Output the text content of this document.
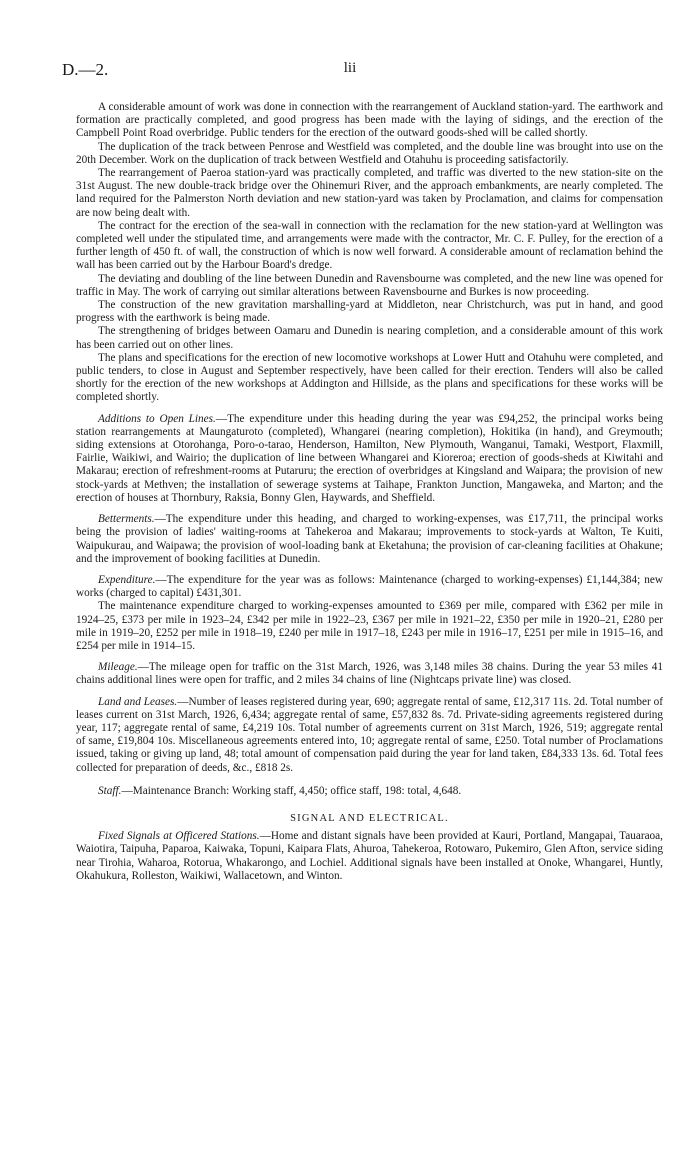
D.—2.	lii

A considerable amount of work was done in connection with the rearrangement of Auckland station-yard. The earthwork and formation are practically completed, and good progress has been made with the laying of sidings, and the erection of the Campbell Point Road overbridge. Public tenders for the erection of the outward goods-shed will be called shortly.

The duplication of the track between Penrose and Westfield was completed, and the double line was brought into use on the 20th December. Work on the duplication of track between Westfield and Otahuhu is proceeding satisfactorily.

The rearrangement of Paeroa station-yard was practically completed, and traffic was diverted to the new station-site on the 31st August. The new double-track bridge over the Ohinemuri River, and the approach embankments, are nearly completed. The land required for the Palmerston North deviation and new station-yard was taken by Proclamation, and claims for compensation are now being dealt with.

The contract for the erection of the sea-wall in connection with the reclamation for the new station-yard at Wellington was completed well under the stipulated time, and arrangements were made with the contractor, Mr. C. F. Pulley, for the erection of a further length of 450 ft. of wall, the construction of which is now well forward. A considerable amount of reclamation behind the wall has been carried out by the Harbour Board's dredge.

The deviating and doubling of the line between Dunedin and Ravensbourne was completed, and the new line was opened for traffic in May. The work of carrying out similar alterations between Ravensbourne and Burkes is now proceeding.

The construction of the new gravitation marshalling-yard at Middleton, near Christchurch, was put in hand, and good progress with the earthwork is being made.

The strengthening of bridges between Oamaru and Dunedin is nearing completion, and a considerable amount of this work has been carried out on other lines.

The plans and specifications for the erection of new locomotive workshops at Lower Hutt and Otahuhu were completed, and public tenders, to close in August and September respectively, have been called for their erection. Tenders will also be called shortly for the erection of the new workshops at Addington and Hillside, as the plans and specifications for these works will be completed shortly.

Additions to Open Lines.—The expenditure under this heading during the year was £94,252, the principal works being station rearrangements at Maungaturoto (completed), Whangarei (nearing completion), Hokitika (in hand), and Greymouth; siding extensions at Otorohanga, Poro-o-tarao, Henderson, Hamilton, New Plymouth, Wanganui, Tamaki, Westport, Flaxmill, Fairlie, Waikiwi, and Wairio; the duplication of line between Whangarei and Kioreroa; erection of goods-sheds at Kiwitahi and Makarau; erection of refreshment-rooms at Putaruru; the erection of overbridges at Kingsland and Waipara; the provision of new stock-yards at Methven; the installation of sewerage systems at Taihape, Frankton Junction, Mangaweka, and Marton; and the erection of houses at Thornbury, Raksia, Bonny Glen, Haywards, and Sheffield.

Betterments.—The expenditure under this heading, and charged to working-expenses, was £17,711, the principal works being the provision of ladies' waiting-rooms at Tahekeroa and Makarau; improvements to stock-yards at Walton, Te Kuiti, Waipukurau, and Waipawa; the provision of wool-loading bank at Eketahuna; the provision of car-cleaning facilities at Ohakune; and the improvement of booking facilities at Dunedin.

Expenditure.—The expenditure for the year was as follows: Maintenance (charged to working-expenses) £1,144,384; new works (charged to capital) £431,301.

The maintenance expenditure charged to working-expenses amounted to £369 per mile, compared with £362 per mile in 1924–25, £373 per mile in 1923–24, £342 per mile in 1922–23, £367 per mile in 1921–22, £350 per mile in 1920–21, £280 per mile in 1919–20, £252 per mile in 1918–19, £240 per mile in 1917–18, £243 per mile in 1916–17, £251 per mile in 1915–16, and £254 per mile in 1914–15.

Mileage.—The mileage open for traffic on the 31st March, 1926, was 3,148 miles 38 chains. During the year 53 miles 41 chains additional lines were open for traffic, and 2 miles 34 chains of line (Nightcaps private line) was closed.

Land and Leases.—Number of leases registered during year, 690; aggregate rental of same, £12,317 11s. 2d. Total number of leases current on 31st March, 1926, 6,434; aggregate rental of same, £57,832 8s. 7d. Private-siding agreements registered during year, 117; aggregate rental of same, £4,219 10s. Total number of agreements current on 31st March, 1926, 519; aggregate rental of same, £19,804 10s. Miscellaneous agreements entered into, 10; aggregate rental of same, £250. Total number of Proclamations issued, taking or giving up land, 48; total amount of compensation paid during the year for land taken, £84,333 13s. 6d. Total fees collected for preparation of deeds, &c., £818 2s.

Staff.—Maintenance Branch: Working staff, 4,450; office staff, 198: total, 4,648.

SIGNAL AND ELECTRICAL.

Fixed Signals at Officered Stations.—Home and distant signals have been provided at Kauri, Portland, Mangapai, Tauaraoa, Waiotira, Taipuha, Paparoa, Kaiwaka, Topuni, Kaipara Flats, Ahuroa, Tahekeroa, Rotowaro, Pukemiro, Glen Afton, service siding near Tirohia, Waharoa, Rotorua, Whakarongo, and Lochiel. Additional signals have been installed at Onoke, Whangarei, Huntly, Okahukura, Rolleston, Waikiwi, Wallacetown, and Winton.
